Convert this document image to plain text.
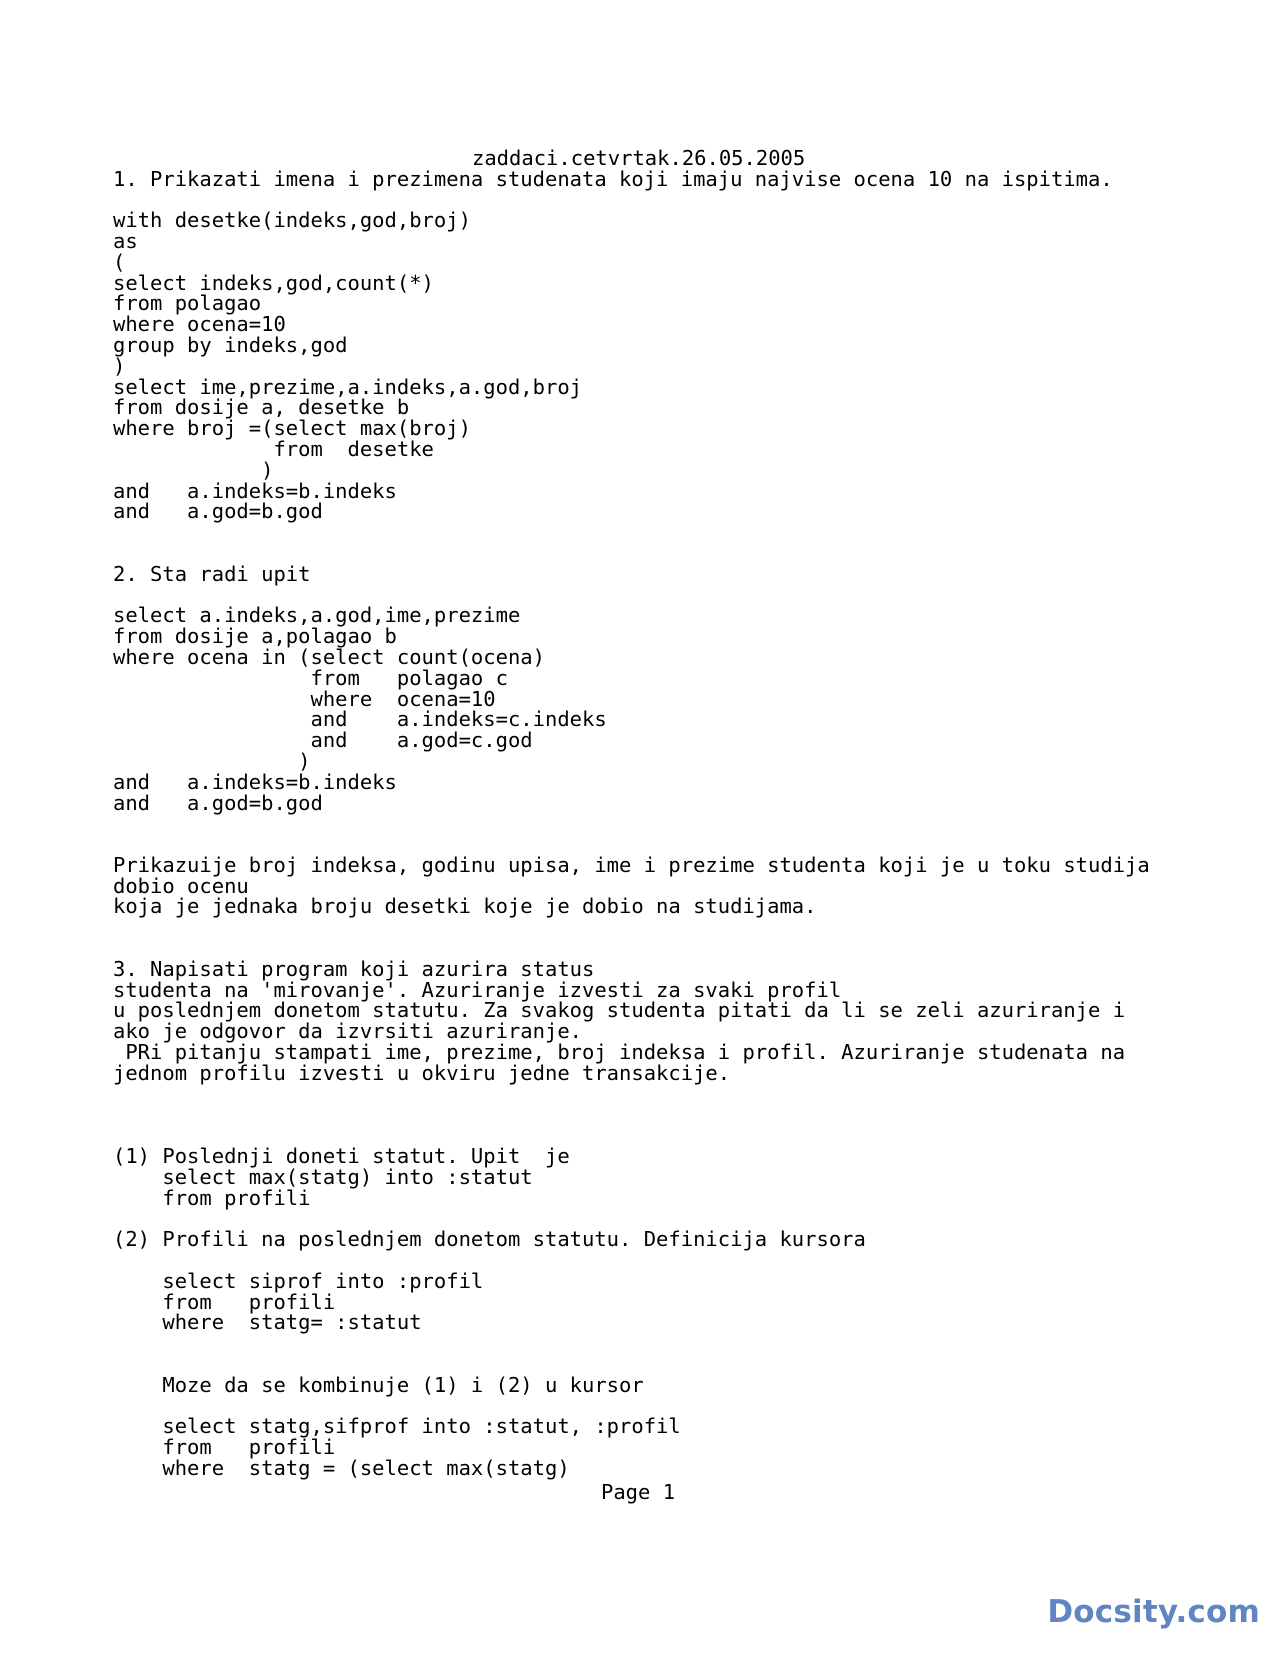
zaddaci.cetvrtak.26.05.2005
1. Prikazati imena i prezimena studenata koji imaju najvise ocena 10 na ispitima.

with desetke(indeks,god,broj)
as
(
select indeks,god,count(*)
from polagao
where ocena=10
group by indeks,god
)
select ime,prezime,a.indeks,a.god,broj
from dosije a, desetke b
where broj =(select max(broj)
from  desetke
)
and   a.indeks=b.indeks
and   a.god=b.god

2. Sta radi upit

select a.indeks,a.god,ime,prezime
from dosije a,polagao b
where ocena in (select count(ocena)
from   polagao c
where  ocena=10
and    a.indeks=c.indeks
and    a.god=c.god
)
and   a.indeks=b.indeks
and   a.god=b.god

Prikazuije broj indeksa, godinu upisa, ime i prezime studenta koji je u toku studija
dobio ocenu
koja je jednaka broju desetki koje je dobio na studijama.

3. Napisati program koji azurira status
studenta na 'mirovanje'. Azuriranje izvesti za svaki profil
u poslednjem donetom statutu. Za svakog studenta pitati da li se zeli azuriranje i
ako je odgovor da izvrsiti azuriranje.
PRi pitanju stampati ime, prezime, broj indeksa i profil. Azuriranje studenata na
jednom profilu izvesti u okviru jedne transakcije.

(1) Poslednji doneti statut. Upit  je
select max(statg) into :statut
from profili

(2) Profili na poslednjem donetom statutu. Definicija kursora

select siprof into :profil
from   profili
where  statg= :statut

Moze da se kombinuje (1) i (2) u kursor

select statg,sifprof into :statut, :profil
from   profili
where  statg = (select max(statg)
Page 1
Docsity.com
